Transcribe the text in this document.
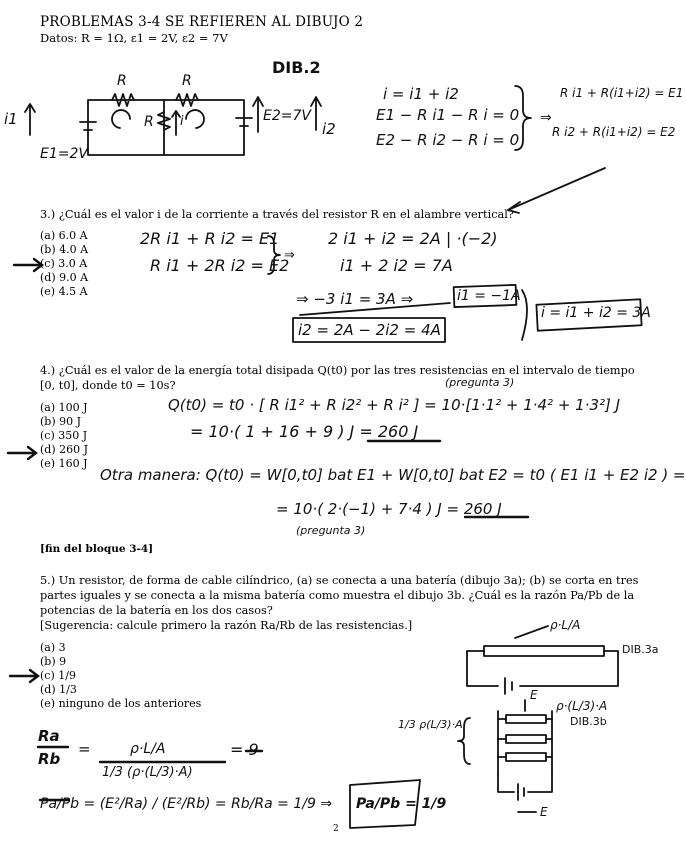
PROBLEMAS 3-4 SE REFIEREN AL DIBUJO 2
Datos: R = 1Ω, ε1 = 2V, ε2 = 7V
DIB.2
R	R
R i
i1
i2
E1=2V
E2=7V
i = i1 + i2
E1 − R i1 − R i = 0
E2 − R i2 − R i = 0
⇒
R i1 + R(i1+i2) = E1
R i2 + R(i1+i2) = E2
3.) ¿Cuál es el valor i de la corriente a través del resistor R en el alambre vertical?
(a) 6.0 A
(b) 4.0 A
(c) 3.0 A
(d) 9.0 A
(e) 4.5 A
2R i1 + R i2 = E1
R i1 + 2R i2 = E2
⇒
2 i1 + i2 = 2A | ·(−2)
i1 + 2 i2 = 7A
⇒ −3 i1 = 3A ⇒	i1 = −1A
i2 = 2A − 2i2 = 4A
i = i1 + i2 = 3A
4.) ¿Cuál es el valor de la energía total disipada Q(t0) por las tres resistencias en el intervalo de tiempo
[0, t0], donde t0 = 10s?
(a) 100 J
(b) 90 J
(c) 350 J
(d) 260 J
(e) 160 J
(pregunta 3)
Q(t0) = t0 · [ R i1² + R i2² + R i² ] = 10·[1·1² + 1·4² + 1·3²] J
= 10·( 1 + 16 + 9 ) J = 260 J
Otra manera: Q(t0) = W[0,t0] bat E1 + W[0,t0] bat E2 = t0 ( E1 i1 + E2 i2 ) =
= 10·( 2·(−1) + 7·4 ) J = 260 J
(pregunta 3)
[fin del bloque 3-4]
5.) Un resistor, de forma de cable cilíndrico, (a) se conecta a una batería (dibujo 3a); (b) se corta en tres
partes iguales y se conecta a la misma batería como muestra el dibujo 3b. ¿Cuál es la razón Pa/Pb de la
potencias de la batería en los dos casos?
[Sugerencia: calcule primero la razón Ra/Rb de las resistencias.]
(a) 3
(b) 9
(c) 1/9
(d) 1/3
(e) ninguno de los anteriores
DIB.3a
ρ·L/A
E
ρ·(L/3)·A
DIB.3b
1/3 ρ(L/3)·A
E
Ra
Rb
=	ρ·L/A
1/3 (ρ·(L/3)·A)
= 9
Pa/Pb = (E²/Ra) / (E²/Rb) = Rb/Ra = 1/9 ⇒ Pa/Pb = 1/9
2
